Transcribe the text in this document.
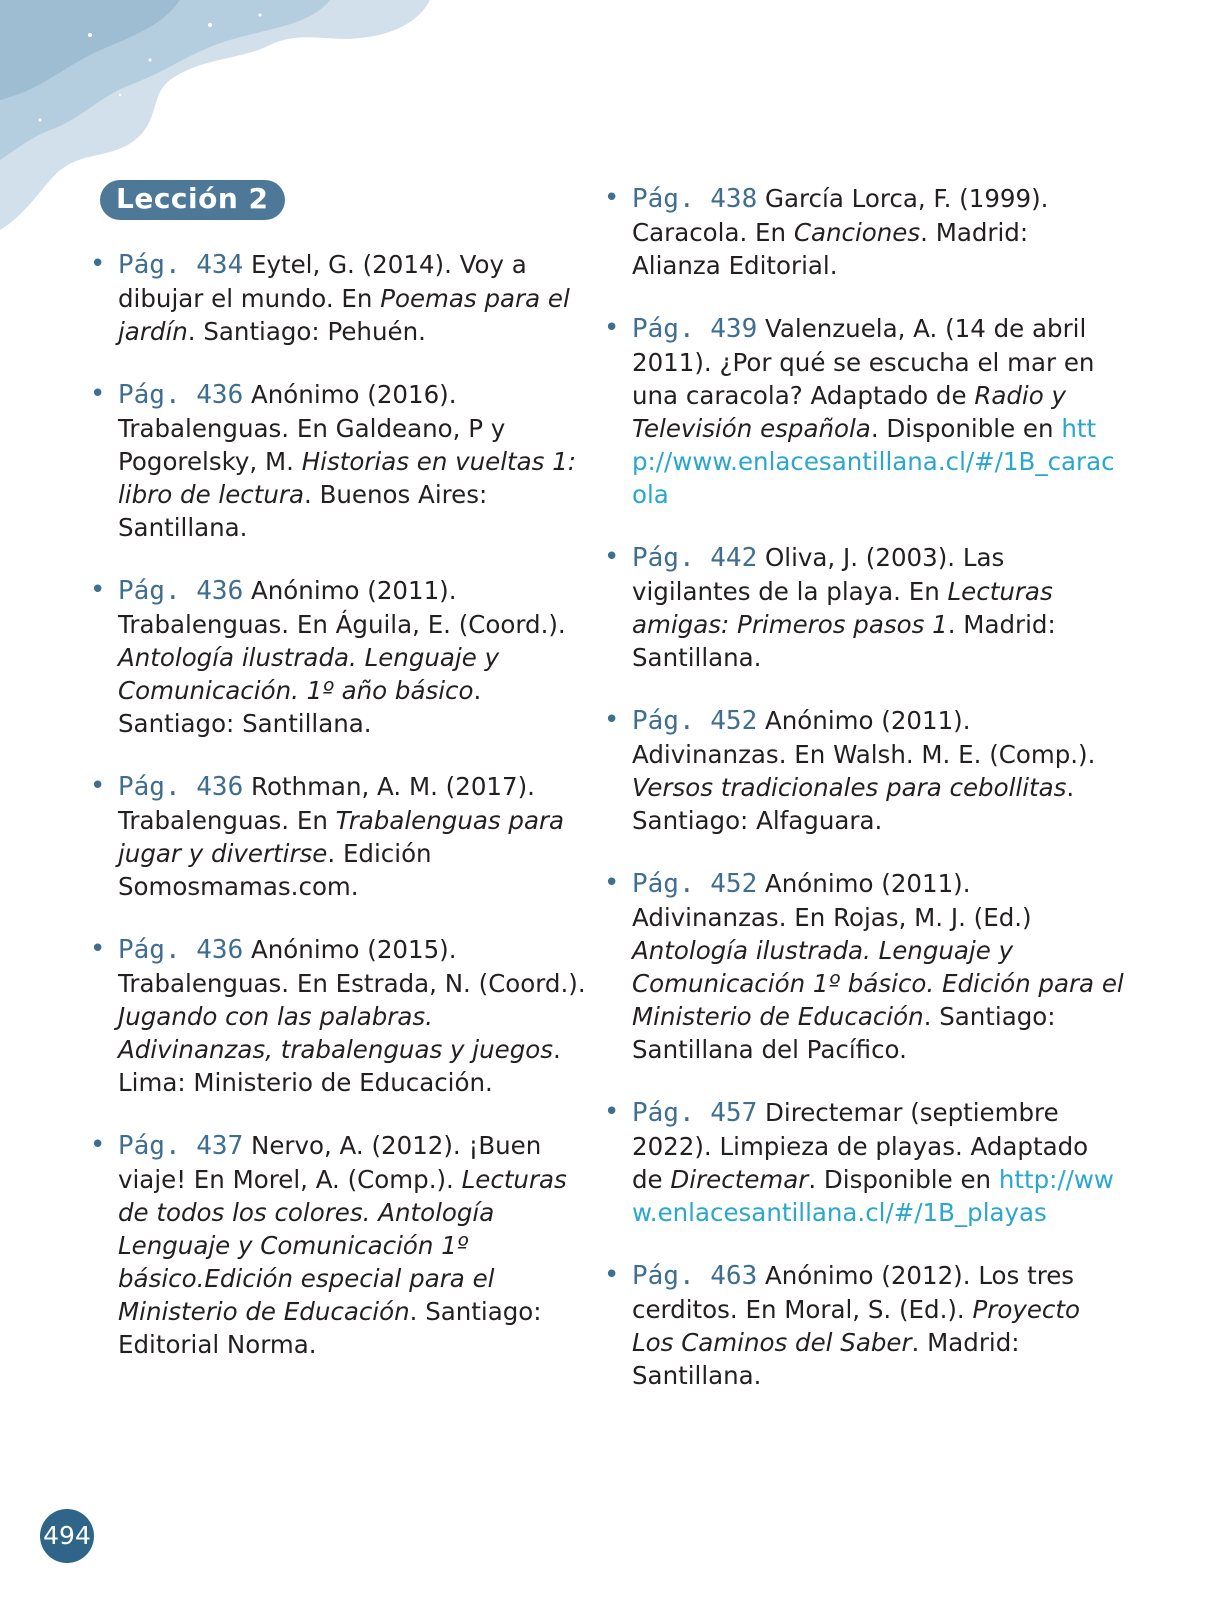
Lección 2
• Pág. 434 Eytel, G. (2014). Voy a dibujar el mundo. En Poemas para el jardín. Santiago: Pehuén.
• Pág. 436 Anónimo (2016). Trabalenguas. En Galdeano, P y Pogorelsky, M. Historias en vueltas 1: libro de lectura. Buenos Aires: Santillana.
• Pág. 436 Anónimo (2011). Trabalenguas. En Águila, E. (Coord.). Antología ilustrada. Lenguaje y Comunicación. 1º año básico. Santiago: Santillana.
• Pág. 436 Rothman, A. M. (2017). Trabalenguas. En Trabalenguas para jugar y divertirse. Edición Somosmamas.com.
• Pág. 436 Anónimo (2015). Trabalenguas. En Estrada, N. (Coord.). Jugando con las palabras. Adivinanzas, trabalenguas y juegos. Lima: Ministerio de Educación.
• Pág. 437 Nervo, A. (2012). ¡Buen viaje! En Morel, A. (Comp.). Lecturas de todos los colores. Antología Lenguaje y Comunicación 1º básico.Edición especial para el Ministerio de Educación. Santiago: Editorial Norma.
• Pág. 438 García Lorca, F. (1999). Caracola. En Canciones. Madrid: Alianza Editorial.
• Pág. 439 Valenzuela, A. (14 de abril 2011). ¿Por qué se escucha el mar en una caracola? Adaptado de Radio y Televisión española. Disponible en http://www.enlacesantillana.cl/#/1B_caracola
• Pág. 442 Oliva, J. (2003). Las vigilantes de la playa. En Lecturas amigas: Primeros pasos 1. Madrid: Santillana.
• Pág. 452 Anónimo (2011). Adivinanzas. En Walsh. M. E. (Comp.). Versos tradicionales para cebollitas. Santiago: Alfaguara.
• Pág. 452 Anónimo (2011). Adivinanzas. En Rojas, M. J. (Ed.) Antología ilustrada. Lenguaje y Comunicación 1º básico. Edición para el Ministerio de Educación. Santiago: Santillana del Pacífico.
• Pág. 457 Directemar (septiembre 2022). Limpieza de playas. Adaptado de Directemar. Disponible en http://www.enlacesantillana.cl/#/1B_playas
• Pág. 463 Anónimo (2012). Los tres cerditos. En Moral, S. (Ed.). Proyecto Los Caminos del Saber. Madrid: Santillana.
494
